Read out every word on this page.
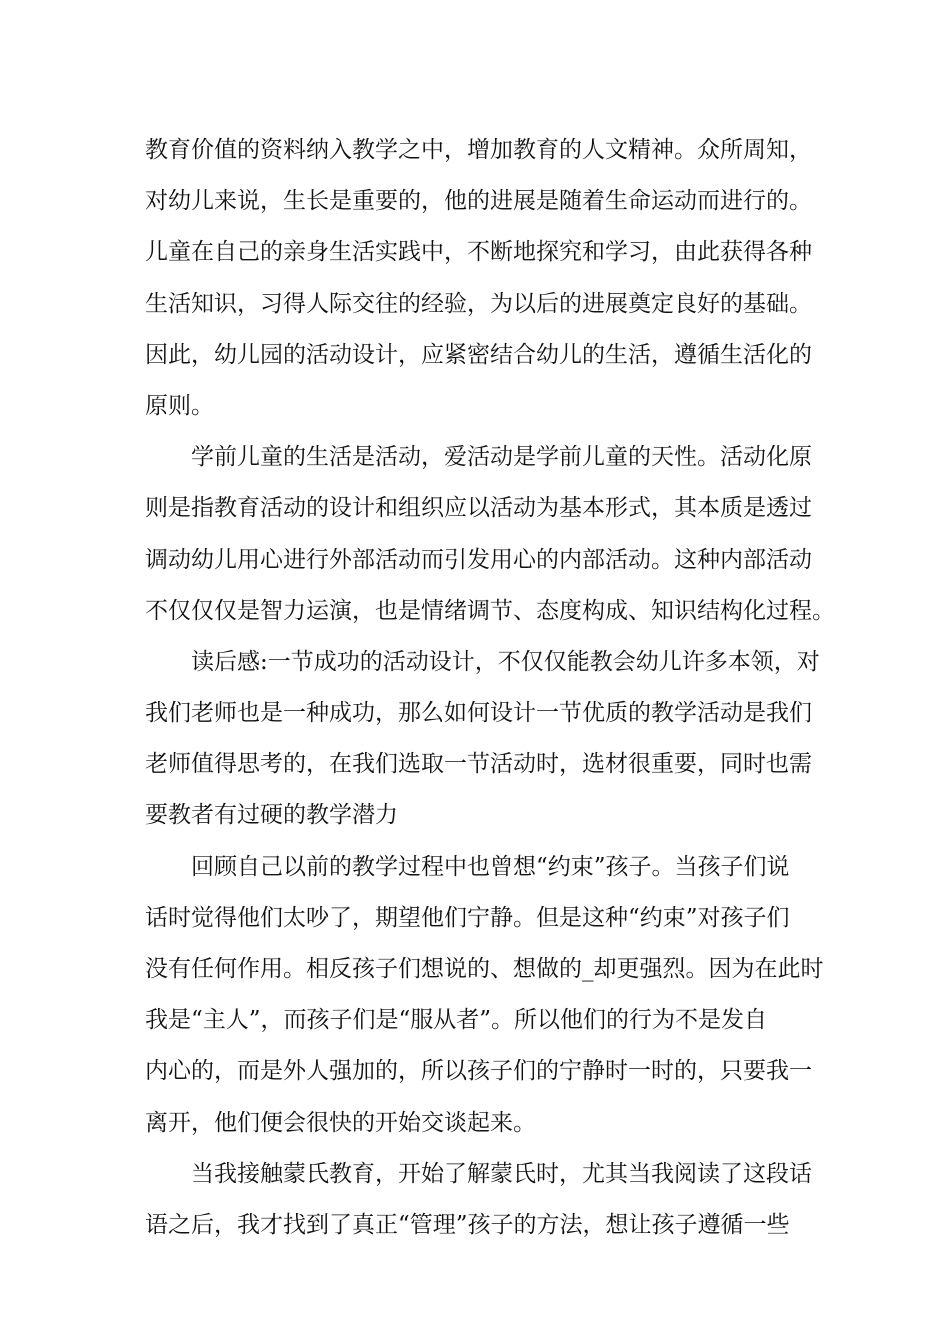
教育价值的资料纳入教学之中，增加教育的人文精神。众所周知，
对幼儿来说，生长是重要的，他的进展是随着生命运动而进行的。
儿童在自己的亲身生活实践中，不断地探究和学习，由此获得各种
生活知识，习得人际交往的经验，为以后的进展奠定良好的基础。
因此，幼儿园的活动设计，应紧密结合幼儿的生活，遵循生活化的
原则。
学前儿童的生活是活动，爱活动是学前儿童的天性。活动化原
则是指教育活动的设计和组织应以活动为基本形式，其本质是透过
调动幼儿用心进行外部活动而引发用心的内部活动。这种内部活动
不仅仅仅是智力运演，也是情绪调节、态度构成、知识结构化过程。
读后感:一节成功的活动设计，不仅仅能教会幼儿许多本领，对
我们老师也是一种成功，那么如何设计一节优质的教学活动是我们
老师值得思考的，在我们选取一节活动时，选材很重要，同时也需
要教者有过硬的教学潜力
回顾自己以前的教学过程中也曾想“约束”孩子。当孩子们说
话时觉得他们太吵了，期望他们宁静。但是这种“约束”对孩子们
没有任何作用。相反孩子们想说的、想做的_却更强烈。因为在此时
我是“主人”，而孩子们是“服从者”。所以他们的行为不是发自
内心的，而是外人强加的，所以孩子们的宁静时一时的，只要我一
离开，他们便会很快的开始交谈起来。
当我接触蒙氏教育，开始了解蒙氏时，尤其当我阅读了这段话
语之后，我才找到了真正“管理”孩子的方法，想让孩子遵循一些
